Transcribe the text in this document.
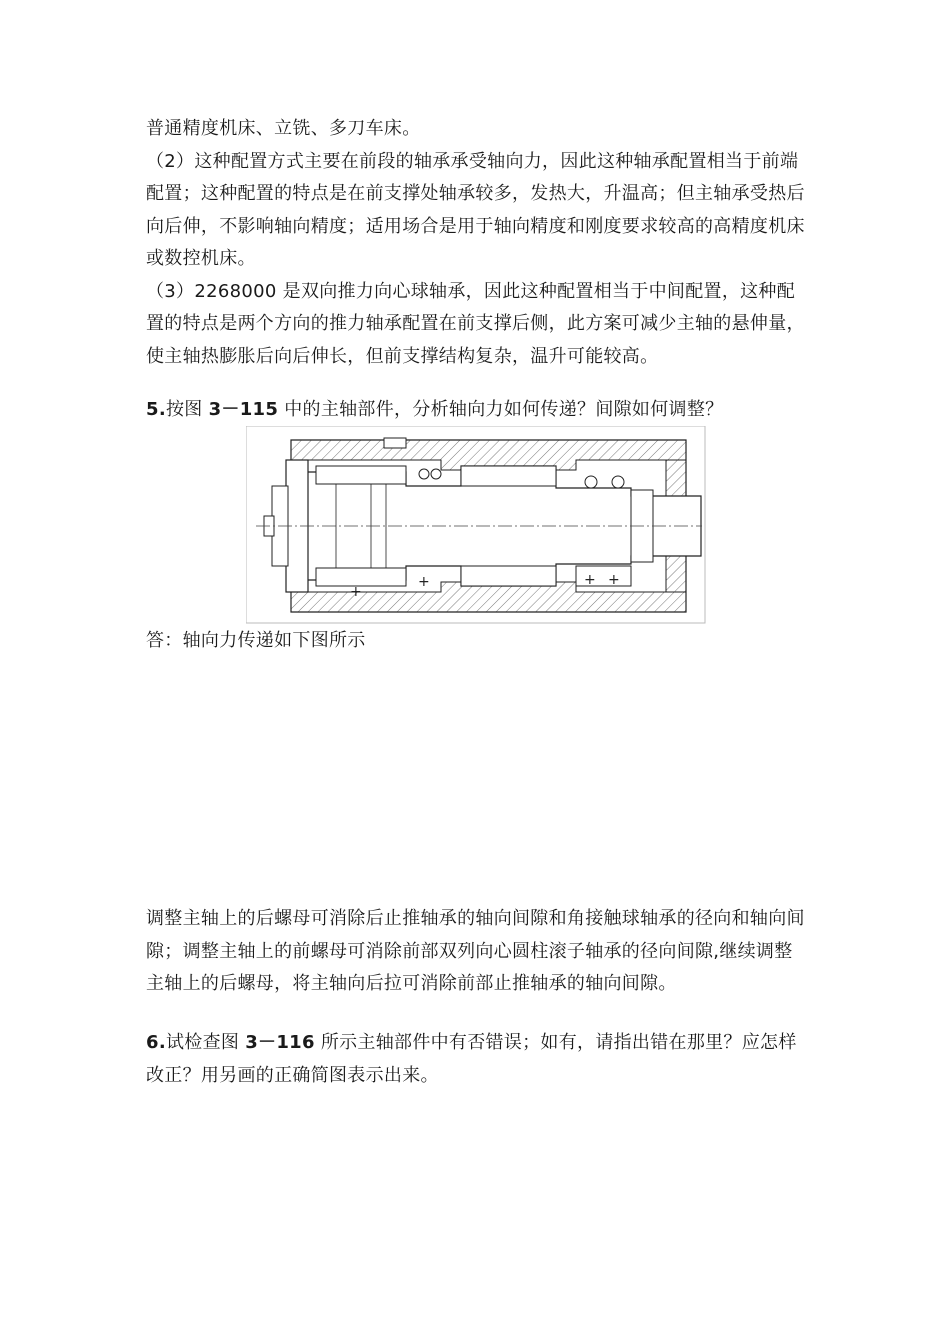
普通精度机床、立铣、多刀车床。

（2）这种配置方式主要在前段的轴承承受轴向力，因此这种轴承配置相当于前端配置；这种配置的特点是在前支撑处轴承较多，发热大，升温高；但主轴承受热后向后伸，不影响轴向精度；适用场合是用于轴向精度和刚度要求较高的高精度机床或数控机床。

（3）2268000 是双向推力向心球轴承，因此这种配置相当于中间配置，这种配置的特点是两个方向的推力轴承配置在前支撑后侧，此方案可减少主轴的悬伸量，使主轴热膨胀后向后伸长，但前支撑结构复杂，温升可能较高。

5.按图 3－115 中的主轴部件，分析轴向力如何传递？间隙如何调整？
+
+	+ +
答：轴向力传递如下图所示
调整主轴上的后螺母可消除后止推轴承的轴向间隙和角接触球轴承的径向和轴向间隙；调整主轴上的前螺母可消除前部双列向心圆柱滚子轴承的径向间隙,继续调整主轴上的后螺母，将主轴向后拉可消除前部止推轴承的轴向间隙。
6.试检查图 3－116 所示主轴部件中有否错误；如有，请指出错在那里？应怎样改正？用另画的正确简图表示出来。
